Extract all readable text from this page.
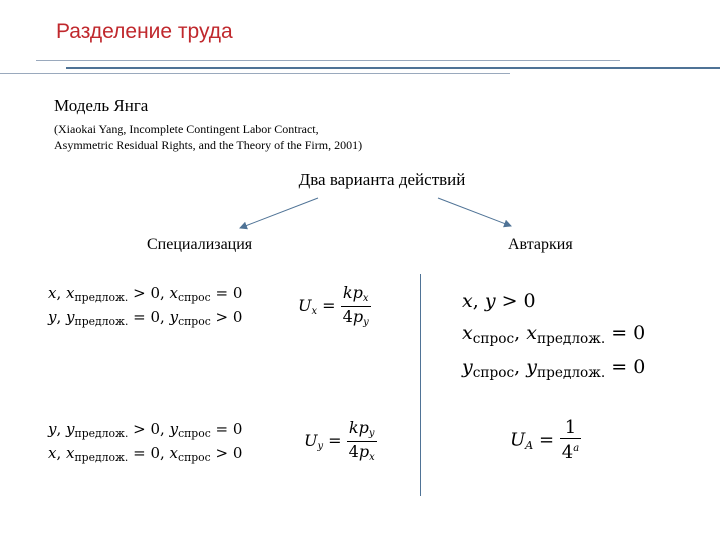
Разделение труда
Модель Янга
(Xiaokai Yang, Incomplete Contingent Labor Contract,
Asymmetric Residual Rights, and the Theory of the Firm, 2001)
Два варианта действий
Специализация	Автаркия
x, $x_{предлож.} > 0$, $x_{спрос} = 0$
y, $y_{предлож.} = 0$, $y_{спрос} > 0$
$Ux = \frac{\text{kpx}}{4py}$
y, $y_{предлож.} > 0$, $y_{спрос} = 0$
x, $x_{предлож.} = 0$, $x_{спрос} > 0$
$Uy = \frac{\text{kpy}}{4px}$
x, y > 0
$x_{спрос}$, $x_{предлож.} = 0$
$y_{спрос}$, $y_{предлож.} = 0$
UA = $\frac{1}{4^a}$
